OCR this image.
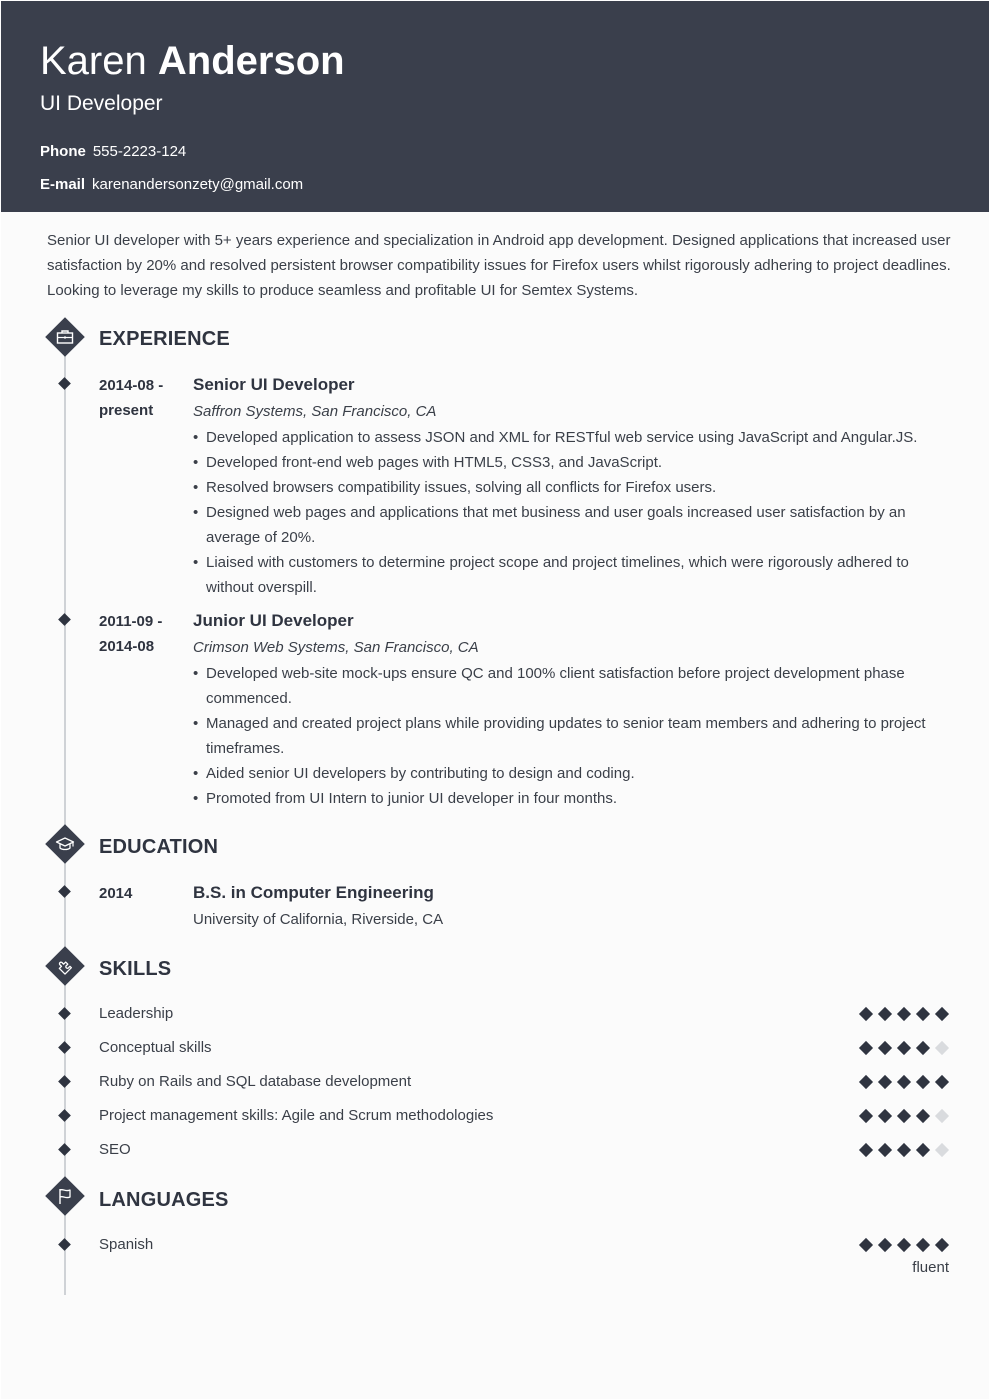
Karen Anderson
UI Developer
Phone 555-2223-124
E-mail karenandersonzety@gmail.com
Senior UI developer with 5+ years experience and specialization in Android app development. Designed applications that increased user satisfaction by 20% and resolved persistent browser compatibility issues for Firefox users whilst rigorously adhering to project deadlines. Looking to leverage my skills to produce seamless and profitable UI for Semtex Systems.
EXPERIENCE
2014-08 -
present
Senior UI Developer
Saffron Systems, San Francisco, CA
• Developed application to assess JSON and XML for RESTful web service using JavaScript and Angular.JS.
• Developed front-end web pages with HTML5, CSS3, and JavaScript.
• Resolved browsers compatibility issues, solving all conflicts for Firefox users.
• Designed web pages and applications that met business and user goals increased user satisfaction by an average of 20%.
• Liaised with customers to determine project scope and project timelines, which were rigorously adhered to without overspill.
2011-09 -
2014-08
Junior UI Developer
Crimson Web Systems, San Francisco, CA
• Developed web-site mock-ups ensure QC and 100% client satisfaction before project development phase commenced.
• Managed and created project plans while providing updates to senior team members and adhering to project timeframes.
• Aided senior UI developers by contributing to design and coding.
• Promoted from UI Intern to junior UI developer in four months.
EDUCATION
2014	B.S. in Computer Engineering
University of California, Riverside, CA
SKILLS
Leadership
Conceptual skills
Ruby on Rails and SQL database development
Project management skills: Agile and Scrum methodologies
SEO
LANGUAGES
Spanish
fluent
